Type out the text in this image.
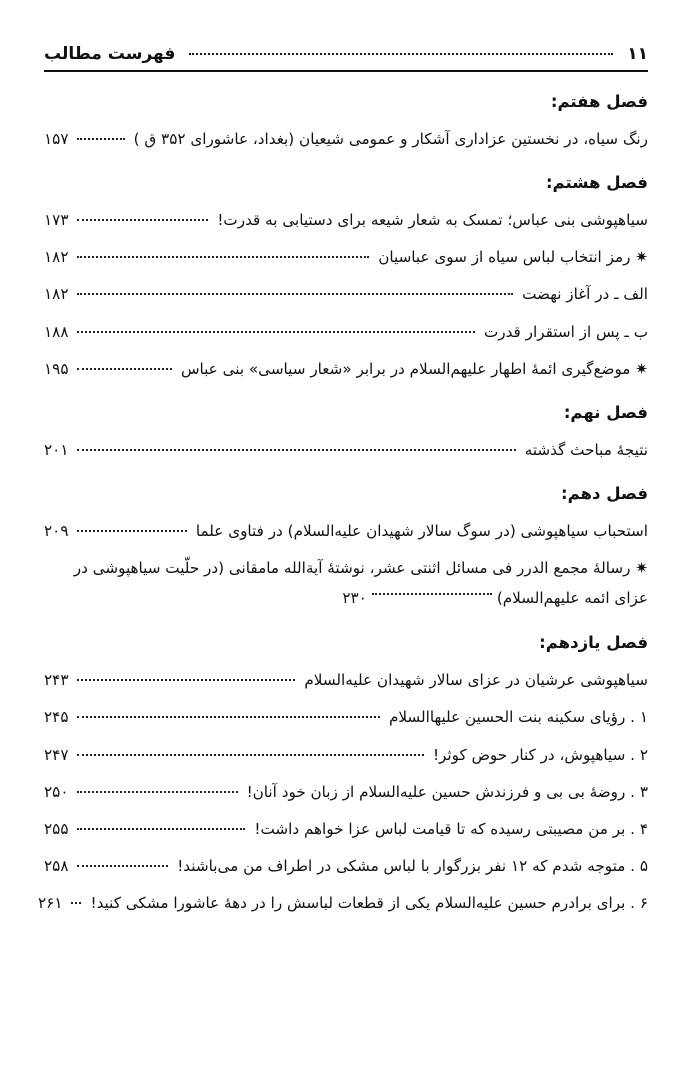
فهرست مطالب	۱۱
فصل هفتم:
رنگ سیاه، در نخستین عزاداری آشکار و عمومی شیعیان (بغداد، عاشورای ۳۵۲ ق )
۱۵۷
فصل هشتم:
سیاهپوشی بنی عباس؛ تمسک به شعار شیعه برای دستیابی به قدرت!
۱۷۳
✷ رمز انتخاب لباس سیاه از سوی عباسیان
۱۸۲
الف ـ در آغاز نهضت
۱۸۲
ب ـ پس از استقرار قدرت
۱۸۸
✷ موضع‌گیری ائمهٔ اطهار علیهم‌السلام در برابر «شعار سیاسی» بنی عباس
۱۹۵
فصل نهم:
نتیجهٔ مباحث گذشته
۲۰۱
فصل دهم:
استحباب سیاهپوشی (در سوگ سالار شهیدان علیه‌السلام) در فتاوی علما
۲۰۹
✷ رسالهٔ مجمع الدرر فی مسائل اثنتی عشر، نوشتهٔ آیةالله مامقانی (در حلّیت سیاهپوشی در عزای ائمه علیهم‌السلام)۲۳۰
فصل یازدهم:
سیاهپوشی عرشیان در عزای سالار شهیدان علیه‌السلام
۲۴۳
۱ . رؤیای سکینه بنت الحسین علیهاالسلام
۲۴۵
۲ . سیاهپوش، در کنار حوض کوثر!
۲۴۷
۳ . روضهٔ بی بی و فرزندش حسین علیه‌السلام از زبان خود آنان!
۲۵۰
۴ . بر من مصیبتی رسیده که تا قیامت لباس عزا خواهم داشت!
۲۵۵
۵ . متوجه شدم که ۱۲ نفر بزرگوار با لباس مشکی در اطراف من می‌باشند!
۲۵۸
۶ . برای برادرم حسین علیه‌السلام یکی از قطعات لباسش را در دههٔ عاشورا مشکی کنید!
۲۶۱
